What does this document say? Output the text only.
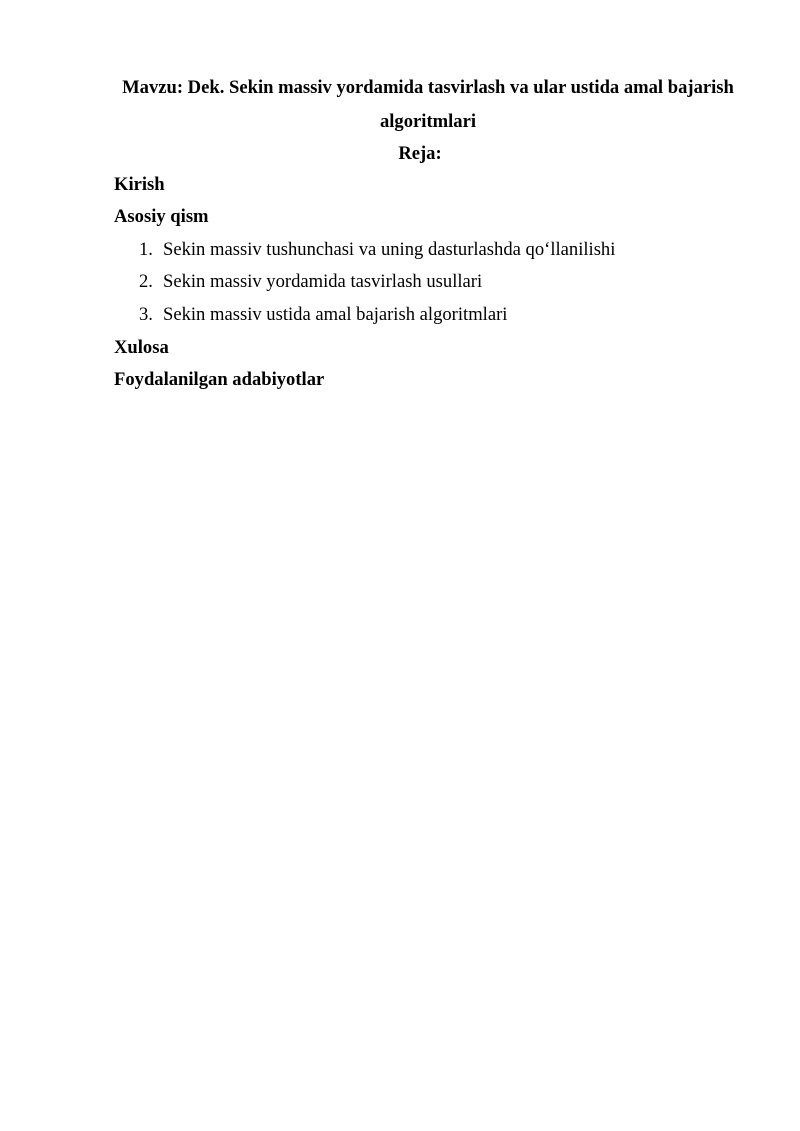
Mavzu: Dek. Sekin massiv yordamida tasvirlash va ular ustida amal bajarish
algoritmlari
Reja:
Kirish
Asosiy qism
1. Sekin massiv tushunchasi va uning dasturlashda qo‘llanilishi
2. Sekin massiv yordamida tasvirlash usullari
3. Sekin massiv ustida amal bajarish algoritmlari
Xulosa
Foydalanilgan adabiyotlar
